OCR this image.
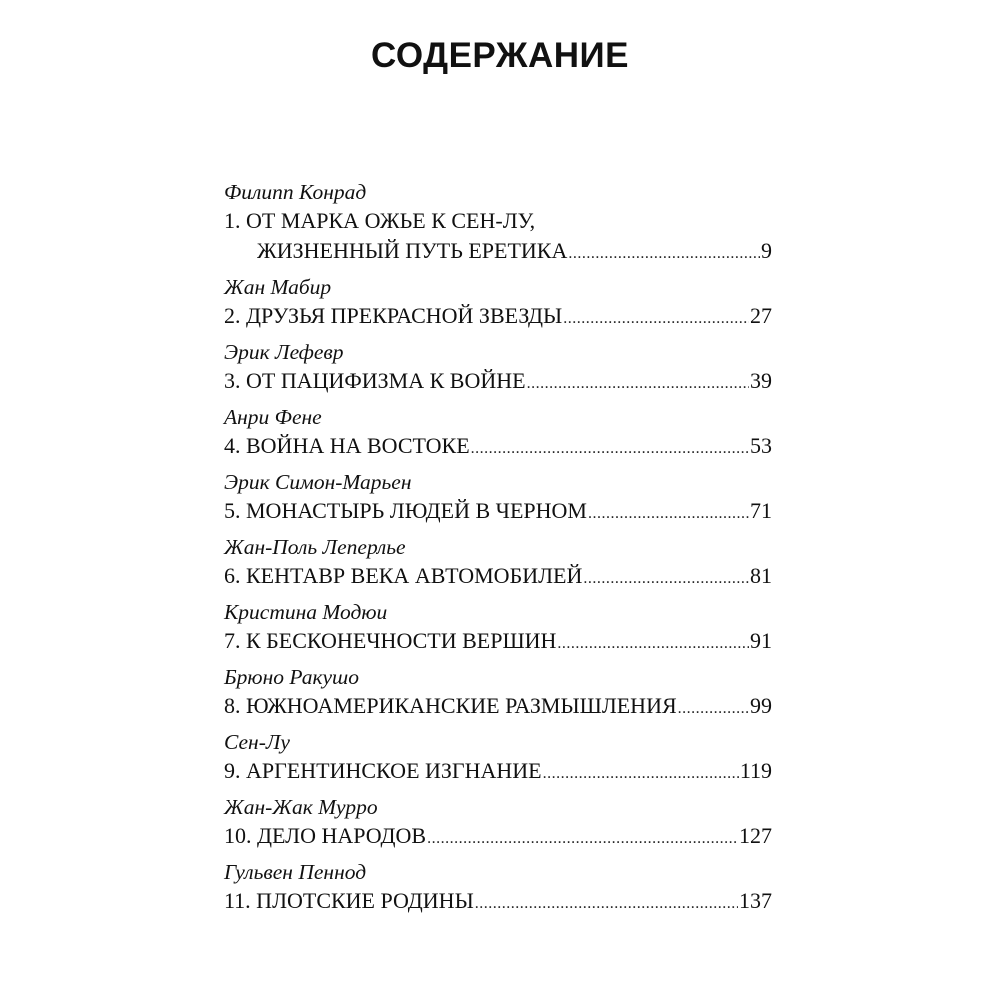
СОДЕРЖАНИЕ
Филипп Конрад
1. ОТ МАРКА ОЖЬЕ К СЕН-ЛУ,
ЖИЗНЕННЫЙ ПУТЬ ЕРЕТИКА .....	9
Жан Мабир
2. ДРУЗЬЯ ПРЕКРАСНОЙ ЗВЕЗДЫ .....	27
Эрик Лефевр
3. ОТ ПАЦИФИЗМА К ВОЙНЕ .....	39
Анри Фене
4. ВОЙНА НА ВОСТОКЕ .....	53
Эрик Симон-Марьен
5. МОНАСТЫРЬ ЛЮДЕЙ В ЧЕРНОМ .....	71
Жан-Поль Леперлье
6. КЕНТАВР ВЕКА АВТОМОБИЛЕЙ .....	81
Кристина Модюи
7. К БЕСКОНЕЧНОСТИ ВЕРШИН .....	91
Брюно Ракушо
8. ЮЖНОАМЕРИКАНСКИЕ РАЗМЫШЛЕНИЯ .....	99
Сен-Лу
9. АРГЕНТИНСКОЕ ИЗГНАНИЕ .....	119
Жан-Жак Мурро
10. ДЕЛО НАРОДОВ .....	127
Гульвен Пеннод
11. ПЛОТСКИЕ РОДИНЫ .....	137
